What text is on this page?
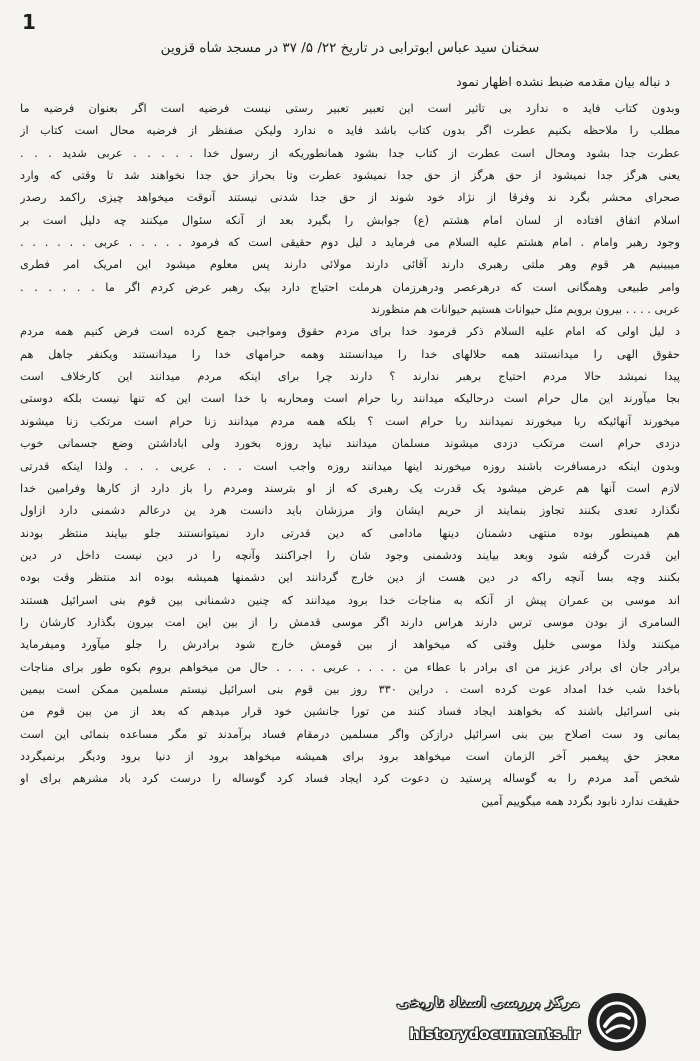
1
سخنان سید عباس ابوترابی در تاریخ ۲۲/ ۵/ ۳۷ در مسجد شاه قزوین
د نباله بیان مقدمه ضبط نشده اظهار نمود
وبدون کتاب فاید ه ندارد بی تاثیر است این تعبیر تعبیر رستی نیست فرضیه است اگر بعنوان فرضیه ما
مطلب را ملاحظه بکنیم عطرت اگر بدون کتاب باشد فاید ه ندارد ولیکن صفنظر از فرضیه محال است کتاب از
عطرت جدا بشود ومحال است عطرت از کتاب جدا بشود همانطوریکه از رسول خدا . . . . . عربی شدید . . .
یعنی هرگز جدا نمیشود از حق هرگز از حق جدا نمیشود عطرت وتا بحراز حق جدا نخواهند شد تا وقتی که وارد
صحرای محشر بگرد ند وفرقا از نژاد خود شوند از حق جدا شدنی نیستند آنوقت میخواهد چیزی راکمد رصدر
اسلام اتفاق افتاده از لسان امام هشتم (ع) جوابش را بگیرد بعد از آنکه سئوال میکنند چه دلیل است بر
وجود رهبر وامام . امام هشتم علیه السلام می فرماید د لیل دوم حقیقی است که فرمود . . . . . عربی . . . . . .
میبینیم هر قوم وهر ملتی رهبری دارند آقائی دارند مولائی دارند پس معلوم میشود این امریک امر فطری
وامر طبیعی وهمگانی است که درهرعصر ودرهرزمان هرملت احتیاج دارد بیک رهبر عرض کردم اگر ما . . . . . .
عربی . . . . بیرون برویم مثل حیوانات هستیم حیوانات هم منظورند
د لیل اولی که امام علیه السلام ذکر فرمود خدا برای مردم حقوق ومواجبی جمع کرده است فرض کنیم همه مردم
حقوق الهی را میدانستند همه حلالهای خدا را میدانستند وهمه حرامهای خدا را میدانستند ویکنفر جاهل هم
پیدا نمیشد حالا مردم احتیاج برهبر ندارند ؟ دارند چرا برای اینکه مردم میدانند این کارخلاف است
بجا میآورند این مال حرام است درحالیکه میدانند ربا حرام است ومحاربه با خدا است این که تنها نیست بلکه دوستی
میخورند آنهائیکه ربا میخورند نمیدانند ربا حرام است ؟ بلکه همه مردم میدانند زنا حرام است مرتکب زنا میشوند
دزدی حرام است مرتکب دزدی میشوند مسلمان میدانند نباید روزه بخورد ولی اباداشتن وضع جسمانی خوب
وبدون اینکه درمسافرت باشند روزه میخورند اینها میدانند روزه واجب است . . . عربی . . . ولذا اینکه قدرتی
لازم است آنها هم عرض میشود یک قدرت یک رهبری که از او بترسند ومردم را باز دارد از کارها وفرامین خدا
نگذارد تعدی بکنند تجاوز بنمایند از حریم ایشان واز مرزشان باید دانست هرد ین درعالم دشمنی دارد ازاول
هم همینطور بوده منتهی دشمنان دینها مادامی که دین قدرتی دارد نمیتوانستند جلو بیایند منتظر بودند
این قدرت گرفته شود وبعد بیایند ودشمنی وجود شان را اجراکنند وآنچه را در دین نیست داخل در دین
بکنند وچه بسا آنچه راکه در دین هست از دین خارج گردانند این دشمنها همیشه بوده اند منتظر وقت بوده
اند موسی بن عمران پیش از آنکه به مناجات خدا برود میدانند که چنین دشمنانی بین قوم بنی اسرائیل هستند
السامری از بودن موسی ترس دارند هراس دارند اگر موسی قدمش را از بین این امت بیرون بگذارد کارشان را
میکنند ولذا موسی خلیل وقتی که میخواهد از بین قومش خارج شود برادرش را جلو میآورد ومیفرماید
برادر جان ای برادر عزیز من ای برادر با عطاء من . . . . عربی . . . . حال من میخواهم بروم بکوه طور برای مناجات
باخدا شب خدا امداد عوت کرده است . دراین ۳۳۰ روز بین قوم بنی اسرائیل نیستم مسلمین ممکن است بیمین
بنی اسرائیل باشند که بخواهند ایجاد فساد کنند من تورا جانشین خود قرار میدهم که بعد از من بین قوم من
بمانی ود ست اصلاح بین بنی اسرائیل درازکن واگر مسلمین درمقام فساد برآمدند تو مگر مساعده بنمائی این است
معجز حق پیغمبر آخر الزمان است میخواهد برود برای همیشه میخواهد برود از دنیا برود ودیگر برنمیگردد
شخص آمد مردم را به گوساله پرستید ن دعوت کرد ایجاد فساد کرد گوساله را درست کرد باد مشرهم برای او
حقیقت ندارد نابود بگردد همه میگوییم آمین
مرکز بررسی اسناد تاریخی
historydocuments.ir
